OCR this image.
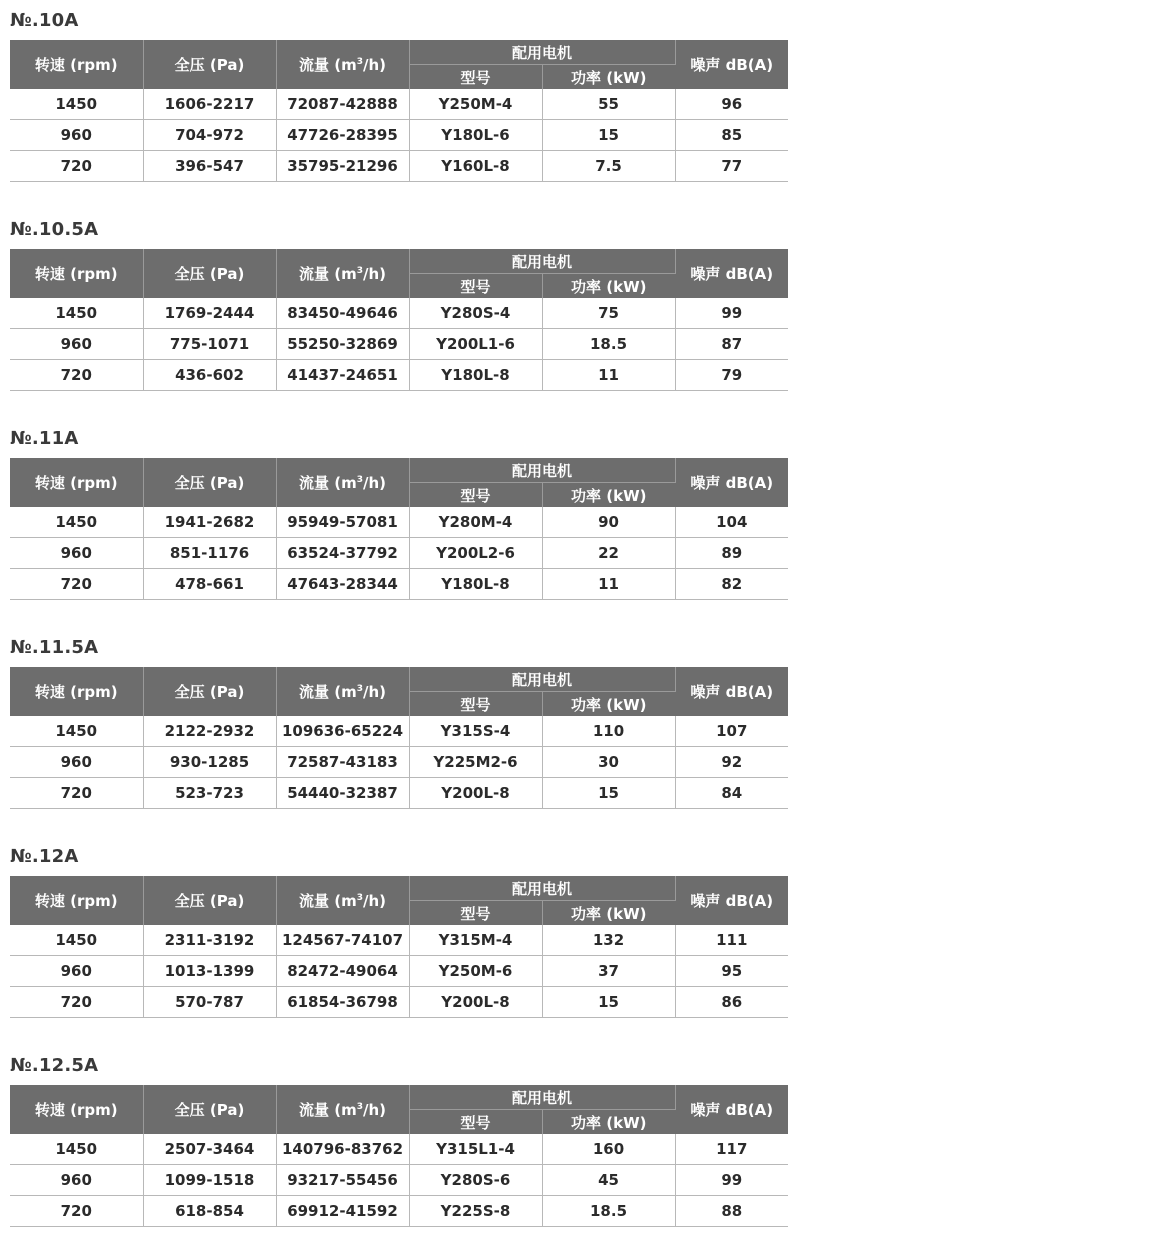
№.10A
转速 (rpm)	全压 (Pa)	流量 $(m^3/h)$	配用电机		噪声 dB(A)
			型号	功率 (kW)	
1450	1606-2217	72087-42888	Y250M-4	55	96
960	704-972	47726-28395	Y180L-6	15	85
720	396-547	35795-21296	Y160L-8	7.5	77
№.10.5A
转速 (rpm)	全压 (Pa)	流量 $(m^3/h)$	配用电机		噪声 dB(A)
			型号	功率 (kW)	
1450	1769-2444	83450-49646	Y280S-4	75	99
960	775-1071	55250-32869	Y200L1-6	18.5	87
720	436-602	41437-24651	Y180L-8	11	79
№.11A
转速 (rpm)	全压 (Pa)	流量 $(m^3/h)$	配用电机		噪声 dB(A)
			型号	功率 (kW)	
1450	1941-2682	95949-57081	Y280M-4	90	104
960	851-1176	63524-37792	Y200L2-6	22	89
720	478-661	47643-28344	Y180L-8	11	82
№.11.5A
转速 (rpm)	全压 (Pa)	流量 $(m^3/h)$	配用电机		噪声 dB(A)
			型号	功率 (kW)	
1450	2122-2932	109636-65224	Y315S-4	110	107
960	930-1285	72587-43183	Y225M2-6	30	92
720	523-723	54440-32387	Y200L-8	15	84
№.12A
转速 (rpm)	全压 (Pa)	流量 $(m^3/h)$	配用电机		噪声 dB(A)
			型号	功率 (kW)	
1450	2311-3192	124567-74107	Y315M-4	132	111
960	1013-1399	82472-49064	Y250M-6	37	95
720	570-787	61854-36798	Y200L-8	15	86
№.12.5A
转速 (rpm)	全压 (Pa)	流量 $(m^3/h)$	配用电机		噪声 dB(A)
			型号	功率 (kW)	
1450	2507-3464	140796-83762	Y315L1-4	160	117
960	1099-1518	93217-55456	Y280S-6	45	99
720	618-854	69912-41592	Y225S-8	18.5	88
